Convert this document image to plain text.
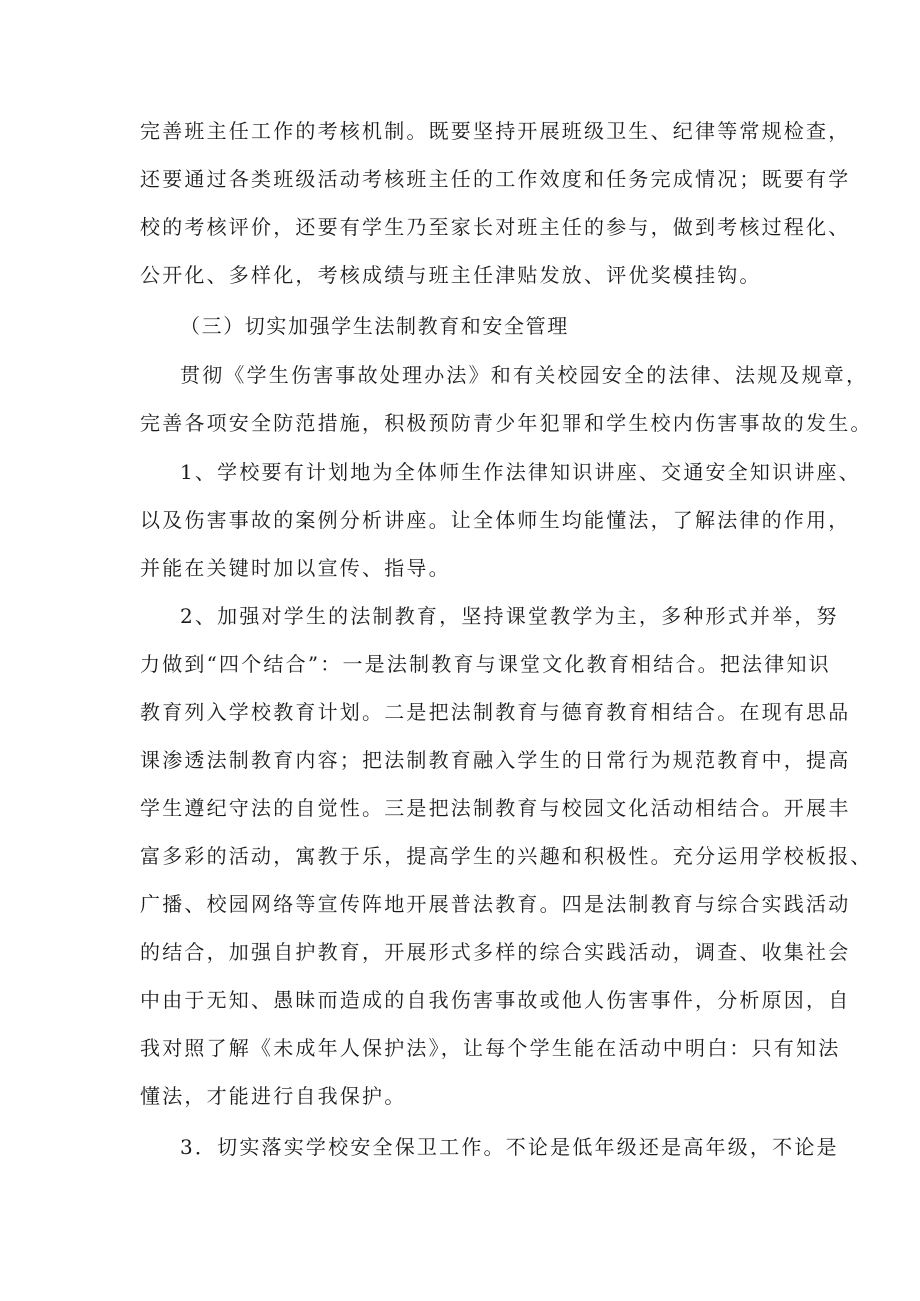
完善班主任工作的考核机制。既要坚持开展班级卫生、纪律等常规检查，
还要通过各类班级活动考核班主任的工作效度和任务完成情况；既要有学
校的考核评价，还要有学生乃至家长对班主任的参与，做到考核过程化、
公开化、多样化，考核成绩与班主任津贴发放、评优奖模挂钩。
（三）切实加强学生法制教育和安全管理
贯彻《学生伤害事故处理办法》和有关校园安全的法律、法规及规章，
完善各项安全防范措施，积极预防青少年犯罪和学生校内伤害事故的发生。
1、学校要有计划地为全体师生作法律知识讲座、交通安全知识讲座、
以及伤害事故的案例分析讲座。让全体师生均能懂法，了解法律的作用，
并能在关键时加以宣传、指导。
2、加强对学生的法制教育，坚持课堂教学为主，多种形式并举，努
力做到“四个结合”：一是法制教育与课堂文化教育相结合。把法律知识
教育列入学校教育计划。二是把法制教育与德育教育相结合。在现有思品
课渗透法制教育内容；把法制教育融入学生的日常行为规范教育中，提高
学生遵纪守法的自觉性。三是把法制教育与校园文化活动相结合。开展丰
富多彩的活动，寓教于乐，提高学生的兴趣和积极性。充分运用学校板报、
广播、校园网络等宣传阵地开展普法教育。四是法制教育与综合实践活动
的结合，加强自护教育，开展形式多样的综合实践活动，调查、收集社会
中由于无知、愚昧而造成的自我伤害事故或他人伤害事件，分析原因，自
我对照了解《未成年人保护法》，让每个学生能在活动中明白：只有知法
懂法，才能进行自我保护。
3．切实落实学校安全保卫工作。不论是低年级还是高年级，不论是
